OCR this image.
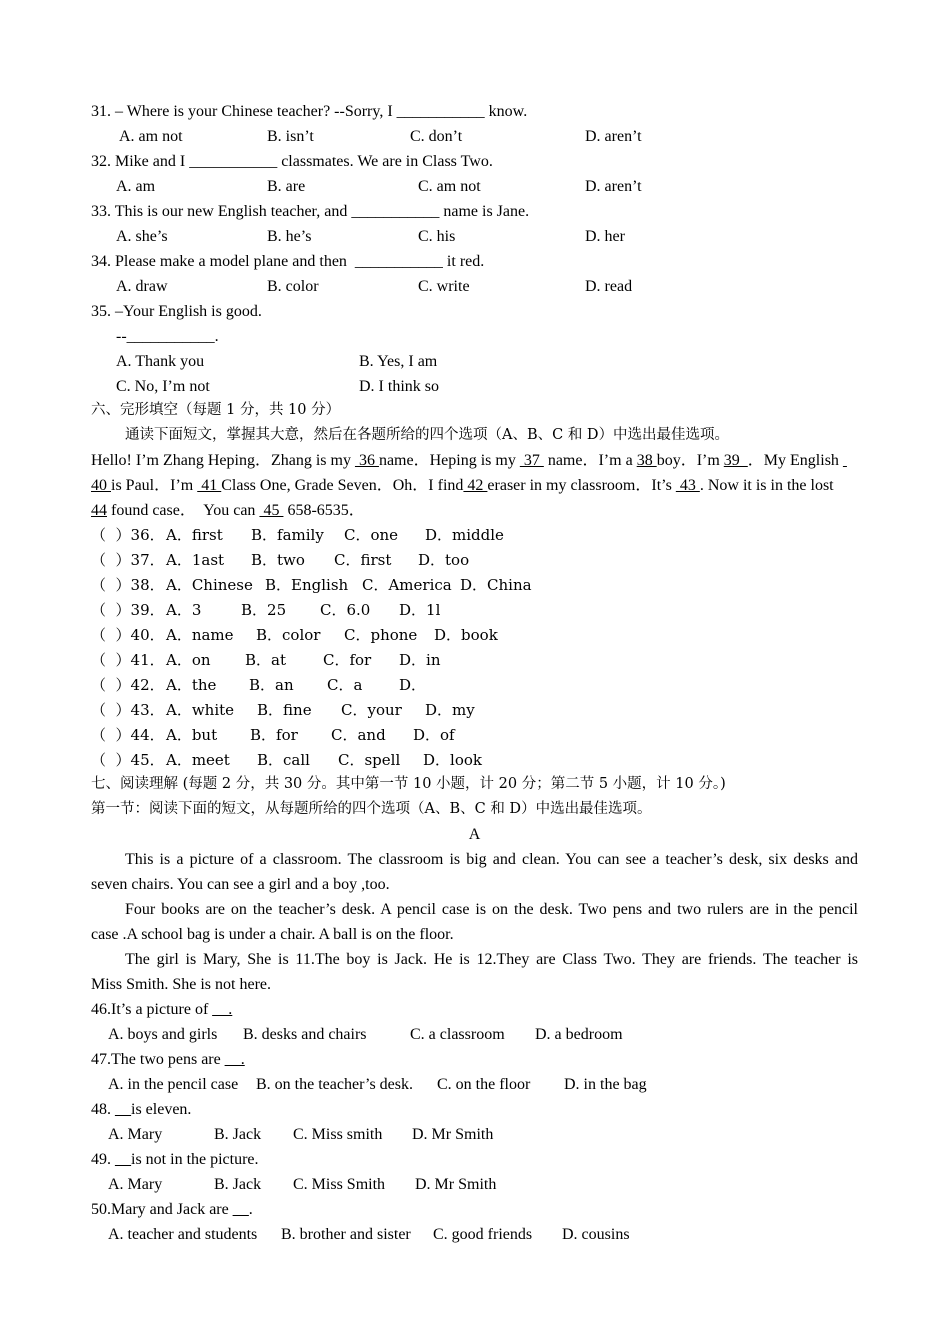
31. – Where is your Chinese teacher? --Sorry, I ___________ know.
A. am not	B. isn’t	C. don’t	D. aren’t
32. Mike and I ___________ classmates. We are in Class Two.
A. am	B. are	C. am not	D. aren’t
33. This is our new English teacher, and ___________ name is Jane.
A. she’s	B. he’s	C. his	D. her
34. Please make a model plane and then  ___________ it red.
A. draw	B. color	C. write	D. read
35. –Your English is good.
--___________.
A. Thank you	B. Yes, I am
C. No, I’m not	D. I think so
六、完形填空（每题 1 分，共 10 分）
通读下面短文，掌握其大意，然后在各题所给的四个选项（A、B、C 和 D）中选出最佳选项。
Hello! I’m Zhang Heping．Zhang is my  36 name．Heping is my  37  name．I’m a 38 boy．I’m 39  ．My English
40 is Paul．I’m  41 Class One, Grade Seven．Oh．I find 42 eraser in my classroom．It’s  43 . Now it is in the lost
44 found case．  You can  45  658-6535．
（  ）36． A．first B．family C．one D．middle
（  ）37． A．1ast B．two C．first D．too
（  ）38． A．Chinese B．English C．America D．China
（  ）39． A．3	B．25 C．6.0 D．1l
（  ）40． A．name B．color C．phone D．book
（  ）41． A．on B．at C．for D．in
（  ）42． A．the B．an C．a D．
（  ）43． A．white B．fine C．your D．my
（  ）44． A．but B．for C．and D．of
（  ）45． A．meet B．call C．spell D．look
七、阅读理解 (每题 2 分，共 30 分。其中第一节 10 小题，计 20 分；第二节 5 小题，计 10 分。)
第一节：阅读下面的短文，从每题所给的四个选项（A、B、C 和 D）中选出最佳选项。
A
This is a picture of a classroom. The classroom is big and clean. You can see a teacher’s desk, six desks and
seven chairs. You can see a girl and a boy ,too.
Four books are on the teacher’s desk. A pencil case is on the desk. Two pens and two rulers are in the pencil
case .A school bag is under a chair. A ball is on the floor.
The girl is Mary, She is 11.The boy is Jack. He is 12.They are Class Two. They are friends. The teacher is
Miss Smith. She is not here.
46.It’s a picture of __.
A. boys and girls B. desks and chairs	C. a classroom D. a bedroom
47.The two pens are __.
A. in the pencil case B. on the teacher’s desk. C. on the floor D. in the bag
48. __is eleven.
A. Mary	B. Jack C. Miss smith D. Mr Smith
49. __is not in the picture.
A. Mary	B. Jack C. Miss Smith D. Mr Smith
50.Mary and Jack are __.
A. teacher and students B. brother and sister C. good friends D. cousins
